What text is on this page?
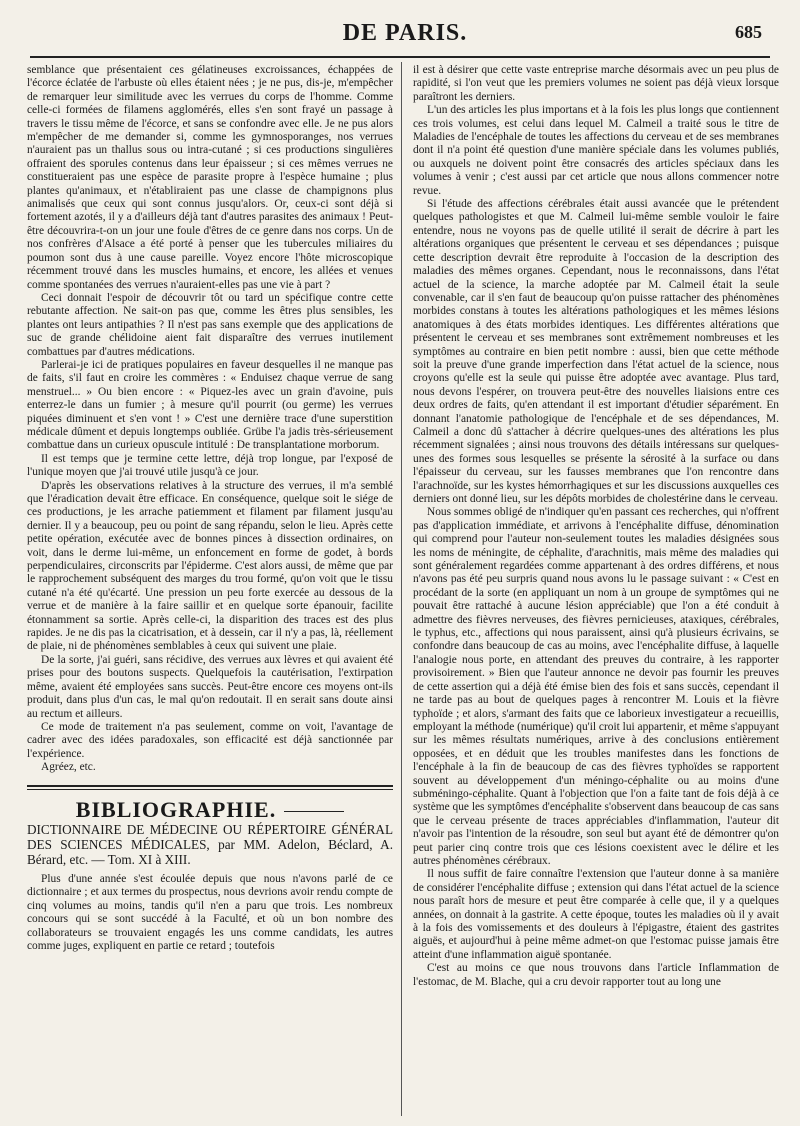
DE PARIS.	685

semblance que présentaient ces gélatineuses excroissances, échappées de l'écorce éclatée de l'arbuste où elles étaient nées ; je ne pus, dis-je, m'empêcher de remarquer leur similitude avec les verrues du corps de l'homme. Comme celle-ci formées de filamens agglomérés, elles s'en sont frayé un passage à travers le tissu même de l'écorce, et sans se confondre avec elle. Je ne pus alors m'empêcher de me demander si, comme les gymnosporanges, nos verrues n'auraient pas un thallus sous ou intra-cutané ; si ces productions singulières offraient des sporules contenus dans leur épaisseur ; si ces mêmes verrues ne constitueraient pas une espèce de parasite propre à l'espèce humaine ; plus plantes qu'animaux, et n'établiraient pas une classe de champignons plus animalisés que ceux qui sont connus jusqu'alors. Or, ceux-ci sont déjà si fortement azotés, il y a d'ailleurs déjà tant d'autres parasites des animaux ! Peut-être découvrira-t-on un jour une foule d'êtres de ce genre dans nos corps. Un de nos confrères d'Alsace a été porté à penser que les tubercules miliaires du poumon sont dus à une cause pareille. Voyez encore l'hôte microscopique récemment trouvé dans les muscles humains, et encore, les allées et venues comme spontanées des verrues n'auraient-elles pas une vie à part ?

Ceci donnait l'espoir de découvrir tôt ou tard un spécifique contre cette rebutante affection. Ne sait-on pas que, comme les êtres plus sensibles, les plantes ont leurs antipathies ? Il n'est pas sans exemple que des applications de suc de grande chélidoine aient fait disparaître des verrues inutilement combattues par d'autres médications.

Parlerai-je ici de pratiques populaires en faveur desquelles il ne manque pas de faits, s'il faut en croire les commères : « Enduisez chaque verrue de sang menstruel... » Ou bien encore : « Piquez-les avec un grain d'avoine, puis enterrez-le dans un fumier ; à mesure qu'il pourrit (ou germe) les verrues piquées diminuent et s'en vont ! » C'est une dernière trace d'une superstition médicale dûment et depuis longtemps oubliée. Grübe l'a jadis très-sérieusement combattue dans un curieux opuscule intitulé : De transplantatione morborum.

Il est temps que je termine cette lettre, déjà trop longue, par l'exposé de l'unique moyen que j'ai trouvé utile jusqu'à ce jour.

D'après les observations relatives à la structure des verrues, il m'a semblé que l'éradication devait être efficace. En conséquence, quelque soit le siége de ces productions, je les arrache patiemment et filament par filament jusqu'au dernier. Il y a beaucoup, peu ou point de sang répandu, selon le lieu. Après cette petite opération, exécutée avec de bonnes pinces à dissection ordinaires, on voit, dans le derme lui-même, un enfoncement en forme de godet, à bords perpendiculaires, circonscrits par l'épiderme. C'est alors aussi, de même que par le rapprochement subséquent des marges du trou formé, qu'on voit que le tissu cutané n'a été qu'écarté. Une pression un peu forte exercée au dessous de la verrue et de manière à la faire saillir et en quelque sorte épanouir, facilite étonnamment sa sortie. Après celle-ci, la disparition des traces est des plus rapides. Je ne dis pas la cicatrisation, et à dessein, car il n'y a pas, là, réellement de plaie, ni de phénomènes semblables à ceux qui suivent une plaie.

De la sorte, j'ai guéri, sans récidive, des verrues aux lèvres et qui avaient été prises pour des boutons suspects. Quelquefois la cautérisation, l'extirpation même, avaient été employées sans succès. Peut-être encore ces moyens ont-ils produit, dans plus d'un cas, le mal qu'on redoutait. Il en serait sans doute ainsi au rectum et ailleurs.

Ce mode de traitement n'a pas seulement, comme on voit, l'avantage de cadrer avec des idées paradoxales, son efficacité est déjà sanctionnée par l'expérience.

Agréez, etc.

BIBLIOGRAPHIE.
DICTIONNAIRE DE MÉDECINE OU RÉPERTOIRE GÉNÉRAL DES SCIENCES MÉDICALES, par MM. Adelon, Béclard, A. Bérard, etc. — Tom. XI à XIII.

Plus d'une année s'est écoulée depuis que nous n'avons parlé de ce dictionnaire ; et aux termes du prospectus, nous devrions avoir rendu compte de cinq volumes au moins, tandis qu'il n'en a paru que trois. Les nombreux concours qui se sont succédé à la Faculté, et où un bon nombre des collaborateurs se trouvaient engagés les uns comme candidats, les autres comme juges, expliquent en partie ce retard ; toutefois

il est à désirer que cette vaste entreprise marche désormais avec un peu plus de rapidité, si l'on veut que les premiers volumes ne soient pas déjà vieux lorsque paraîtront les derniers.

L'un des articles les plus importans et à la fois les plus longs que contiennent ces trois volumes, est celui dans lequel M. Calmeil a traité sous le titre de Maladies de l'encéphale de toutes les affections du cerveau et de ses membranes dont il n'a point été question d'une manière spéciale dans les volumes publiés, ou auxquels ne doivent point être consacrés des articles spéciaux dans les volumes à venir ; c'est aussi par cet article que nous allons commencer notre revue.

Si l'étude des affections cérébrales était aussi avancée que le prétendent quelques pathologistes et que M. Calmeil lui-même semble vouloir le faire entendre, nous ne voyons pas de quelle utilité il serait de décrire à part les altérations organiques que présentent le cerveau et ses dépendances ; puisque cette description devrait être reproduite à l'occasion de la description des maladies des mêmes organes. Cependant, nous le reconnaissons, dans l'état actuel de la science, la marche adoptée par M. Calmeil était la seule convenable, car il s'en faut de beaucoup qu'on puisse rattacher des phénomènes morbides constans à toutes les altérations pathologiques et les mêmes lésions anatomiques à des états morbides identiques. Les différentes altérations que présentent le cerveau et ses membranes sont extrêmement nombreuses et les symptômes au contraire en bien petit nombre : aussi, bien que cette méthode soit la preuve d'une grande imperfection dans l'état actuel de la science, nous croyons qu'elle est la seule qui puisse être adoptée avec avantage. Plus tard, nous devons l'espérer, on trouvera peut-être des nouvelles liaisions entre ces deux ordres de faits, qu'en attendant il est important d'étudier séparément. En donnant l'anatomie pathologique de l'encéphale et de ses dépendances, M. Calmeil a donc dû s'attacher à décrire quelques-unes des altérations les plus récemment signalées ; ainsi nous trouvons des détails intéressans sur quelques-unes des formes sous lesquelles se présente la sérosité à la surface ou dans l'épaisseur du cerveau, sur les fausses membranes que l'on rencontre dans l'arachnoïde, sur les kystes hémorrhagiques et sur les discussions auxquelles ces derniers ont donné lieu, sur les dépôts morbides de cholestérine dans le cerveau.

Nous sommes obligé de n'indiquer qu'en passant ces recherches, qui n'offrent pas d'application immédiate, et arrivons à l'encéphalite diffuse, dénomination qui comprend pour l'auteur non-seulement toutes les maladies désignées sous les noms de méningite, de céphalite, d'arachnitis, mais même des maladies qui sont généralement regardées comme appartenant à des ordres différens, et nous n'avons pas été peu surpris quand nous avons lu le passage suivant : « C'est en procédant de la sorte (en appliquant un nom à un groupe de symptômes qui ne pouvait être rattaché à aucune lésion appréciable) que l'on a été conduit à admettre des fièvres nerveuses, des fièvres pernicieuses, ataxiques, cérébrales, le typhus, etc., affections qui nous paraissent, ainsi qu'à plusieurs écrivains, se confondre dans beaucoup de cas au moins, avec l'encéphalite diffuse, à laquelle l'analogie nous porte, en attendant des preuves du contraire, à les rapporter provisoirement. » Bien que l'auteur annonce ne devoir pas fournir les preuves de cette assertion qui a déjà été émise bien des fois et sans succès, cependant il ne tarde pas au bout de quelques pages à rencontrer M. Louis et la fièvre typhoïde ; et alors, s'armant des faits que ce laborieux investigateur a recueillis, employant la méthode (numérique) qu'il croit lui appartenir, et même s'appuyant sur les mêmes résultats numériques, arrive à des conclusions entièrement opposées, et en déduit que les troubles manifestes dans les fonctions de l'encéphale à la fin de beaucoup de cas des fièvres typhoïdes se rapportent souvent au développement d'un méningo-céphalite ou au moins d'une subméningo-céphalite. Quant à l'objection que l'on a faite tant de fois déjà à ce système que les symptômes d'encéphalite s'observent dans beaucoup de cas sans que le cerveau présente de traces appréciables d'inflammation, l'auteur dit n'avoir pas l'intention de la résoudre, son seul but ayant été de démontrer qu'on peut parier cinq contre trois que ces lésions coexistent avec le délire et les autres phénomènes cérébraux.

Il nous suffit de faire connaître l'extension que l'auteur donne à sa manière de considérer l'encéphalite diffuse ; extension qui dans l'état actuel de la science nous paraît hors de mesure et peut être comparée à celle que, il y a quelques années, on donnait à la gastrite. A cette époque, toutes les maladies où il y avait à la fois des vomissements et des douleurs à l'épigastre, étaient des gastrites aiguës, et aujourd'hui à peine même admet-on que l'estomac puisse jamais être atteint d'une inflammation aiguë spontanée.

C'est au moins ce que nous trouvons dans l'article Inflammation de l'estomac, de M. Blache, qui a cru devoir rapporter tout au long une
